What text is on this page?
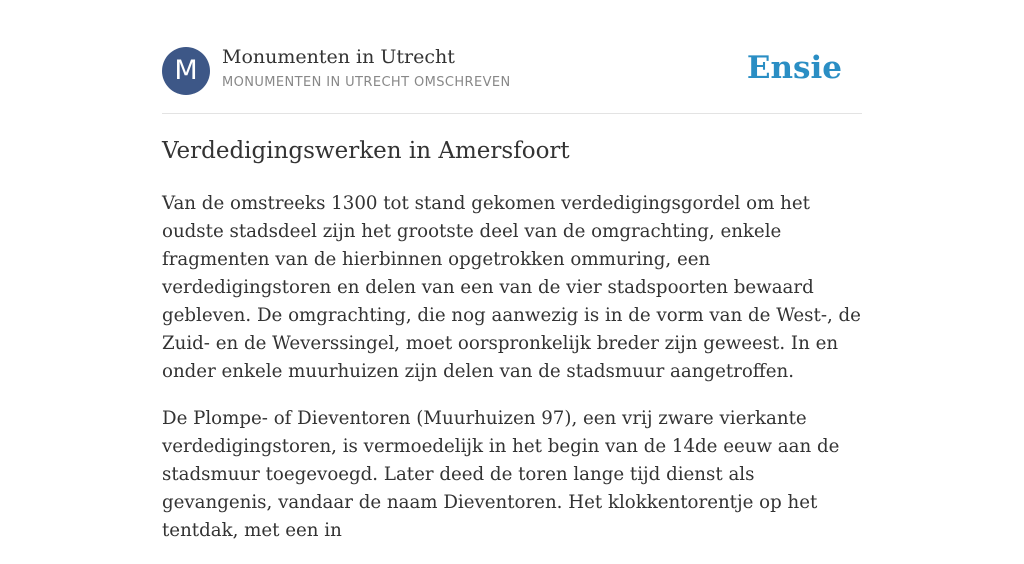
M	Monumenten in Utrecht
MONUMENTEN IN UTRECHT OMSCHREVEN	Ensie
Verdedigingswerken in Amersfoort

Van de omstreeks 1300 tot stand gekomen verdedigingsgordel om het oudste stadsdeel zijn het grootste deel van de omgrachting, enkele fragmenten van de hierbinnen opgetrokken ommuring, een verdedigingstoren en delen van een van de vier stadspoorten bewaard gebleven. De omgrachting, die nog aanwezig is in de vorm van de West-, de Zuid- en de Weverssingel, moet oorspronkelijk breder zijn geweest. In en onder enkele muurhuizen zijn delen van de stadsmuur aangetroffen.

De Plompe- of Dieventoren (Muurhuizen 97), een vrij zware vierkante verdedigingstoren, is vermoedelijk in het begin van de 14de eeuw aan de stadsmuur toegevoegd. Later deed de toren lange tijd dienst als gevangenis, vandaar de naam Dieventoren. Het klokkentorentje op het tentdak, met een in
